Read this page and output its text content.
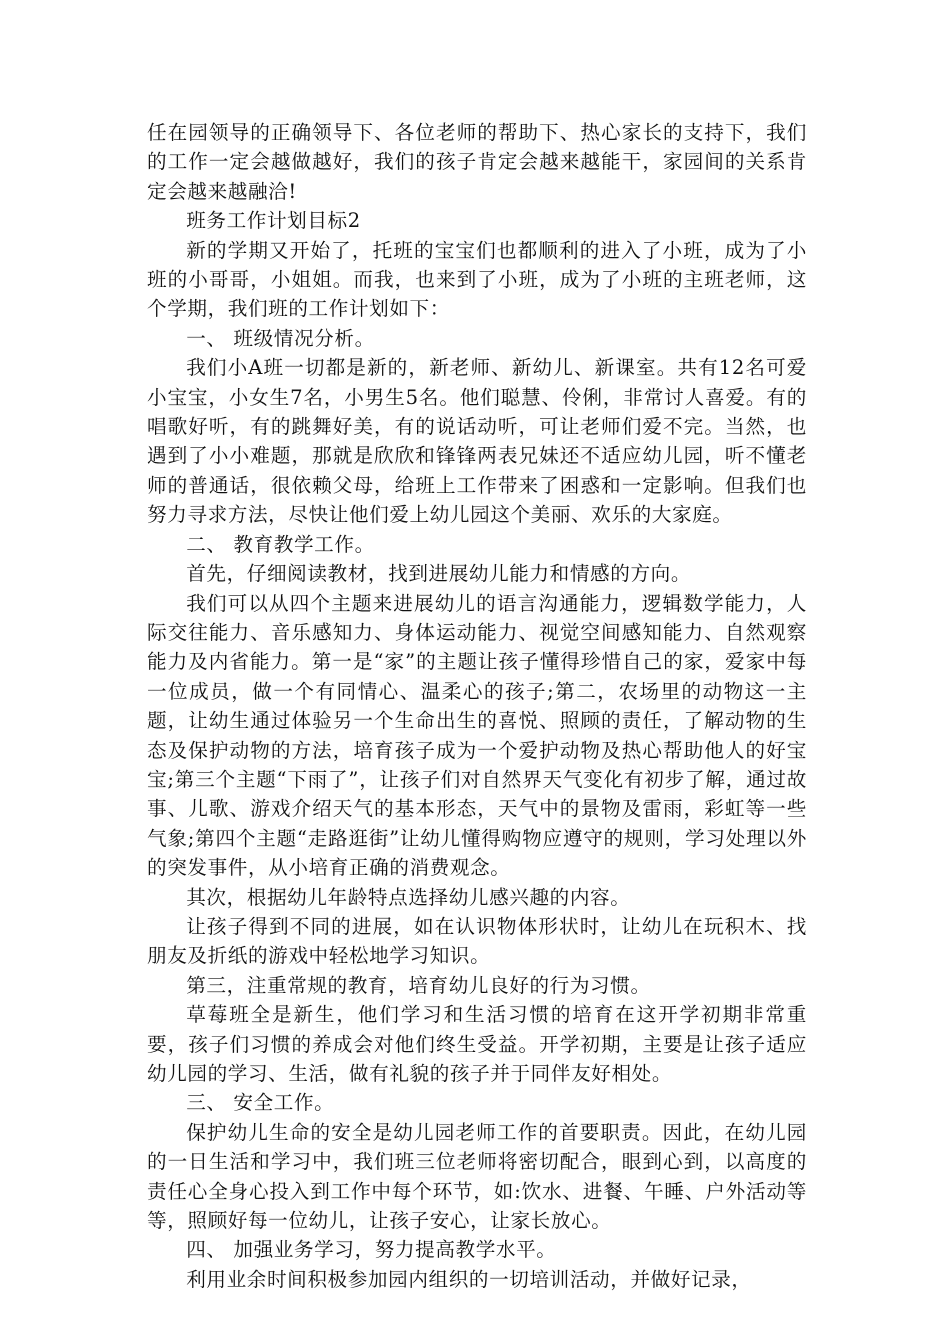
任在园领导的正确领导下、各位老师的帮助下、热心家长的支持下，我们的工作一定会越做越好，我们的孩子肯定会越来越能干，家园间的关系肯定会越来越融洽!

班务工作计划目标2

新的学期又开始了，托班的宝宝们也都顺利的进入了小班，成为了小班的小哥哥，小姐姐。而我，也来到了小班，成为了小班的主班老师，这个学期，我们班的工作计划如下：

一、 班级情况分析。

我们小A班一切都是新的，新老师、新幼儿、新课室。共有12名可爱小宝宝，小女生7名，小男生5名。他们聪慧、伶俐，非常讨人喜爱。有的唱歌好听，有的跳舞好美，有的说话动听，可让老师们爱不完。当然，也遇到了小小难题，那就是欣欣和锋锋两表兄妹还不适应幼儿园，听不懂老师的普通话，很依赖父母，给班上工作带来了困惑和一定影响。但我们也努力寻求方法，尽快让他们爱上幼儿园这个美丽、欢乐的大家庭。

二、 教育教学工作。

首先，仔细阅读教材，找到进展幼儿能力和情感的方向。

我们可以从四个主题来进展幼儿的语言沟通能力，逻辑数学能力，人际交往能力、音乐感知力、身体运动能力、视觉空间感知能力、自然观察能力及内省能力。第一是“家”的主题让孩子懂得珍惜自己的家，爱家中每一位成员，做一个有同情心、温柔心的孩子;第二，农场里的动物这一主题，让幼生通过体验另一个生命出生的喜悦、照顾的责任，了解动物的生态及保护动物的方法，培育孩子成为一个爱护动物及热心帮助他人的好宝宝;第三个主题“下雨了”，让孩子们对自然界天气变化有初步了解，通过故事、儿歌、游戏介绍天气的基本形态，天气中的景物及雷雨，彩虹等一些气象;第四个主题“走路逛街”让幼儿懂得购物应遵守的规则，学习处理以外的突发事件，从小培育正确的消费观念。

其次，根据幼儿年龄特点选择幼儿感兴趣的内容。

让孩子得到不同的进展，如在认识物体形状时，让幼儿在玩积木、找朋友及折纸的游戏中轻松地学习知识。

第三，注重常规的教育，培育幼儿良好的行为习惯。

草莓班全是新生，他们学习和生活习惯的培育在这开学初期非常重要，孩子们习惯的养成会对他们终生受益。开学初期，主要是让孩子适应幼儿园的学习、生活，做有礼貌的孩子并于同伴友好相处。

三、 安全工作。

保护幼儿生命的安全是幼儿园老师工作的首要职责。因此，在幼儿园的一日生活和学习中，我们班三位老师将密切配合，眼到心到，以高度的责任心全身心投入到工作中每个环节，如:饮水、进餐、午睡、户外活动等等，照顾好每一位幼儿，让孩子安心，让家长放心。

四、 加强业务学习，努力提高教学水平。

利用业余时间积极参加园内组织的一切培训活动，并做好记录，
